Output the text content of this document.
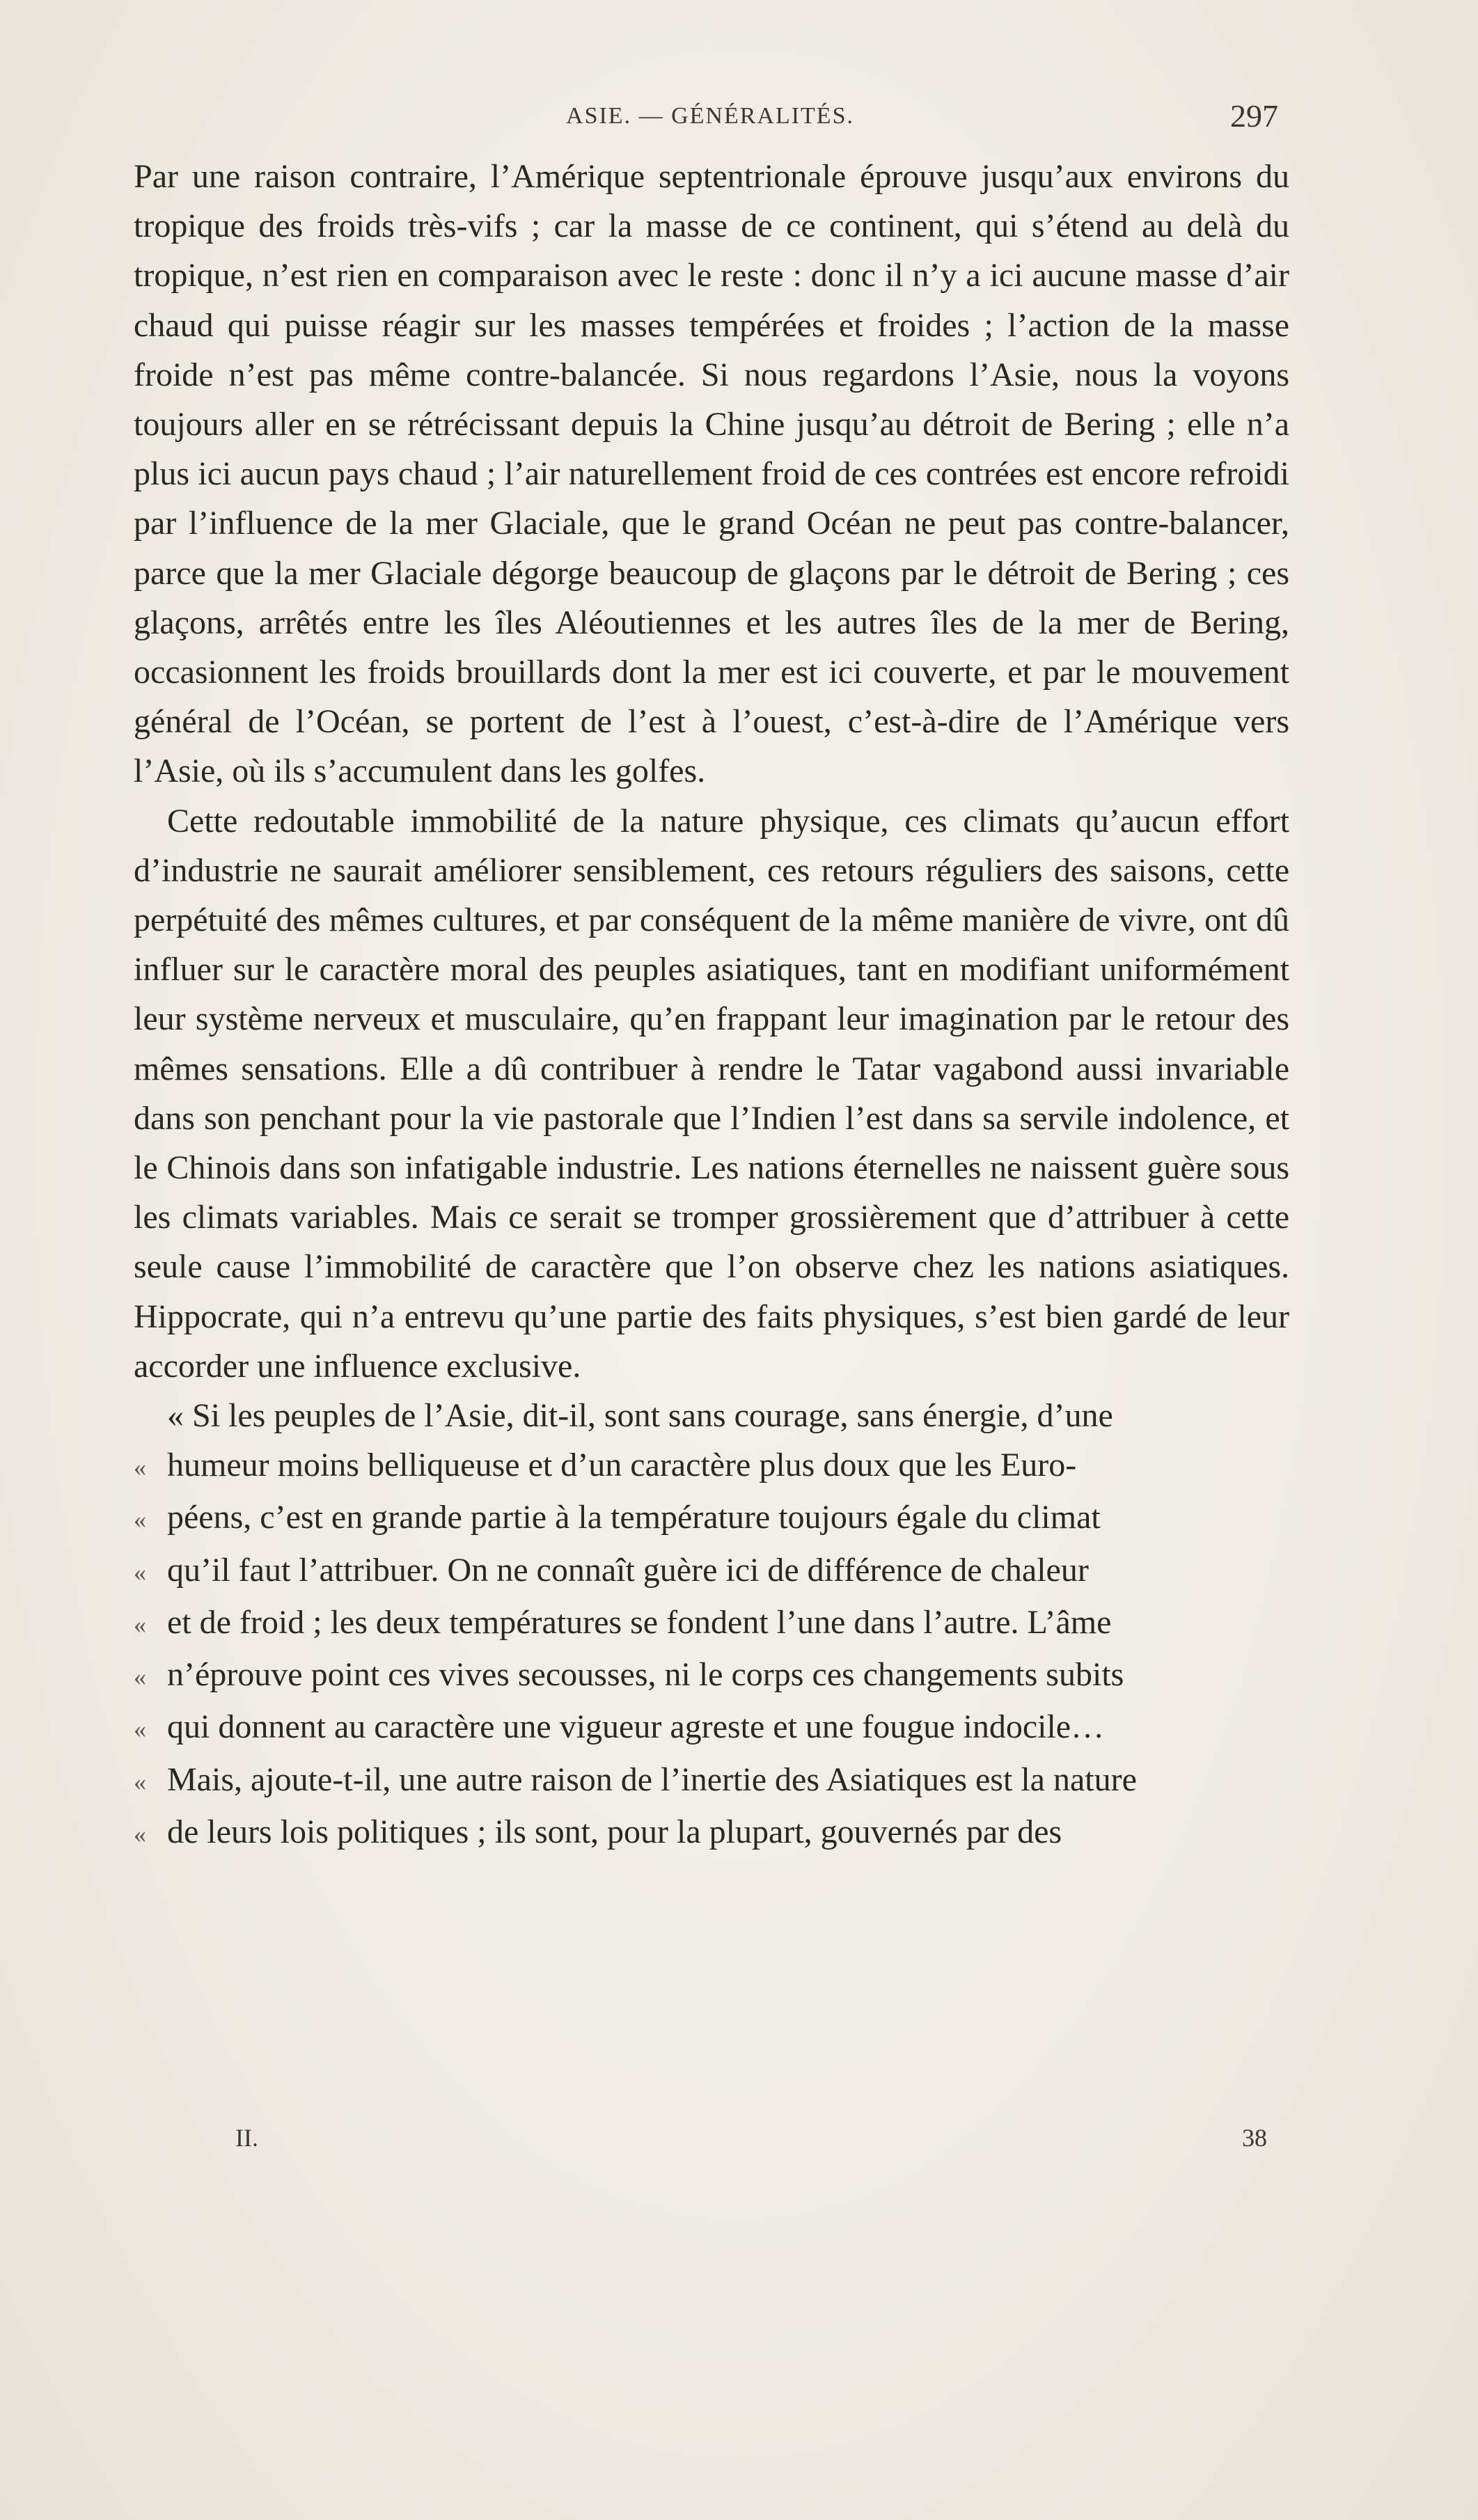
ASIE. — GÉNÉRALITÉS.	297

Par une raison contraire, l’Amérique septentrionale éprouve jusqu’aux environs du tropique des froids très-vifs ; car la masse de ce continent, qui s’étend au delà du tropique, n’est rien en comparaison avec le reste : donc il n’y a ici aucune masse d’air chaud qui puisse réagir sur les masses tempérées et froides ; l’action de la masse froide n’est pas même contre-balancée. Si nous regardons l’Asie, nous la voyons toujours aller en se rétrécissant depuis la Chine jusqu’au détroit de Bering ; elle n’a plus ici aucun pays chaud ; l’air naturellement froid de ces contrées est encore refroidi par l’influence de la mer Glaciale, que le grand Océan ne peut pas contre-balancer, parce que la mer Glaciale dégorge beaucoup de glaçons par le détroit de Bering ; ces glaçons, arrêtés entre les îles Aléoutiennes et les autres îles de la mer de Bering, occasionnent les froids brouillards dont la mer est ici couverte, et par le mouvement général de l’Océan, se portent de l’est à l’ouest, c’est-à-dire de l’Amérique vers l’Asie, où ils s’accumulent dans les golfes.

Cette redoutable immobilité de la nature physique, ces climats qu’aucun effort d’industrie ne saurait améliorer sensiblement, ces retours réguliers des saisons, cette perpétuité des mêmes cultures, et par conséquent de la même manière de vivre, ont dû influer sur le caractère moral des peuples asiatiques, tant en modifiant uniformément leur système nerveux et musculaire, qu’en frappant leur imagination par le retour des mêmes sensations. Elle a dû contribuer à rendre le Tatar vagabond aussi invariable dans son penchant pour la vie pastorale que l’Indien l’est dans sa servile indolence, et le Chinois dans son infatigable industrie. Les nations éternelles ne naissent guère sous les climats variables. Mais ce serait se tromper grossièrement que d’attribuer à cette seule cause l’immobilité de caractère que l’on observe chez les nations asiatiques. Hippocrate, qui n’a entrevu qu’une partie des faits physiques, s’est bien gardé de leur accorder une influence exclusive.

« Si les peuples de l’Asie, dit-il, sont sans courage, sans énergie, d’une
« humeur moins belliqueuse et d’un caractère plus doux que les Euro-
« péens, c’est en grande partie à la température toujours égale du climat
« qu’il faut l’attribuer. On ne connaît guère ici de différence de chaleur
« et de froid ; les deux températures se fondent l’une dans l’autre. L’âme
« n’éprouve point ces vives secousses, ni le corps ces changements subits
« qui donnent au caractère une vigueur agreste et une fougue indocile…
« Mais, ajoute-t-il, une autre raison de l’inertie des Asiatiques est la nature
« de leurs lois politiques ; ils sont, pour la plupart, gouvernés par des
II.	38
